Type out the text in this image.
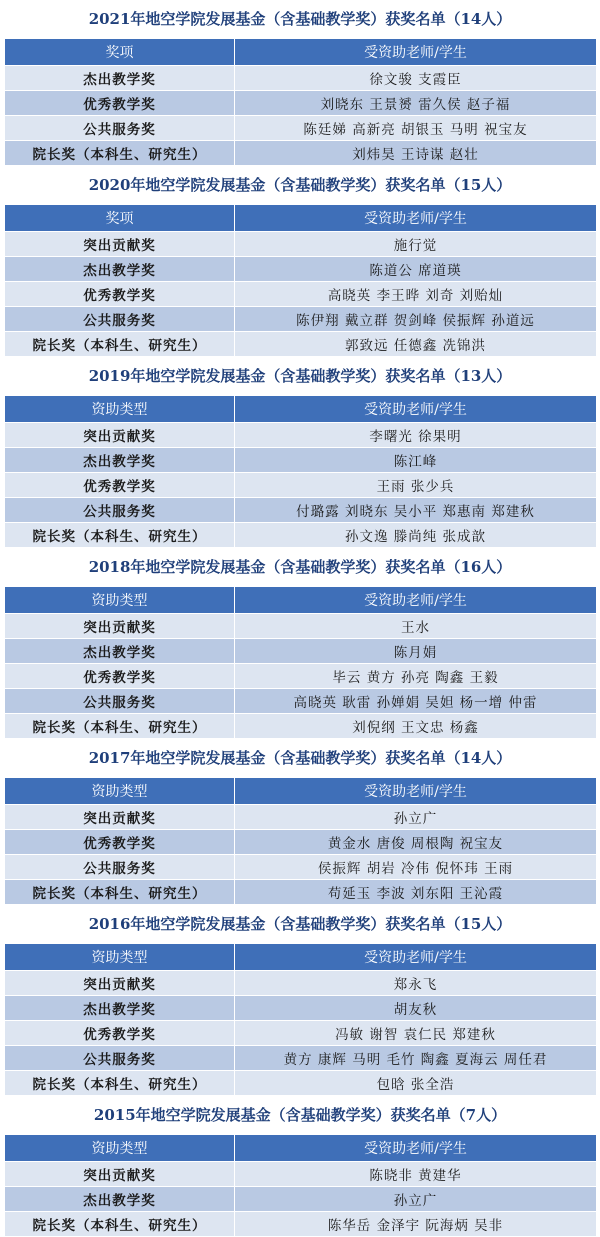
2021年地空学院发展基金（含基础教学奖）获奖名单（14人）
奖项	受资助老师/学生
杰出教学奖	徐文骏 支霞臣
优秀教学奖	刘晓东 王景赟 雷久侯 赵子福
公共服务奖	陈廷娣 高新亮 胡银玉 马明 祝宝友
院长奖（本科生、研究生）	刘炜昊 王诗谋 赵壮
2020年地空学院发展基金（含基础教学奖）获奖名单（15人）
奖项	受资助老师/学生
突出贡献奖	施行觉
杰出教学奖	陈道公 席道瑛
优秀教学奖	高晓英 李王晔 刘奇 刘贻灿
公共服务奖	陈伊翔 戴立群 贺剑峰 侯振辉 孙道远
院长奖（本科生、研究生）	郭致远 任德鑫 冼锦洪
2019年地空学院发展基金（含基础教学奖）获奖名单（13人）
资助类型	受资助老师/学生
突出贡献奖	李曙光 徐果明
杰出教学奖	陈江峰
优秀教学奖	王雨 张少兵
公共服务奖	付璐露 刘晓东 吴小平 郑惠南 郑建秋
院长奖（本科生、研究生）	孙文逸 滕尚纯 张成歆
2018年地空学院发展基金（含基础教学奖）获奖名单（16人）
资助类型	受资助老师/学生
突出贡献奖	王水
杰出教学奖	陈月娟
优秀教学奖	毕云 黄方 孙亮 陶鑫 王毅
公共服务奖	高晓英 耿雷 孙婵娟 吴妲 杨一增 仲雷
院长奖（本科生、研究生）	刘倪纲 王文忠 杨鑫
2017年地空学院发展基金（含基础教学奖）获奖名单（14人）
资助类型	受资助老师/学生
突出贡献奖	孙立广
优秀教学奖	黄金水 唐俊 周根陶 祝宝友
公共服务奖	侯振辉 胡岩 冷伟 倪怀玮 王雨
院长奖（本科生、研究生）	苟延玉 李波 刘东阳 王沁霞
2016年地空学院发展基金（含基础教学奖）获奖名单（15人）
资助类型	受资助老师/学生
突出贡献奖	郑永飞
杰出教学奖	胡友秋
优秀教学奖	冯敏 谢智 袁仁民 郑建秋
公共服务奖	黄方 康辉 马明 毛竹 陶鑫 夏海云 周任君
院长奖（本科生、研究生）	包晗 张全浩
2015年地空学院发展基金（含基础教学奖）获奖名单（7人）
资助类型	受资助老师/学生
突出贡献奖	陈晓非 黄建华
杰出教学奖	孙立广
院长奖（本科生、研究生）	陈华岳 金泽宇 阮海炳 吴非
